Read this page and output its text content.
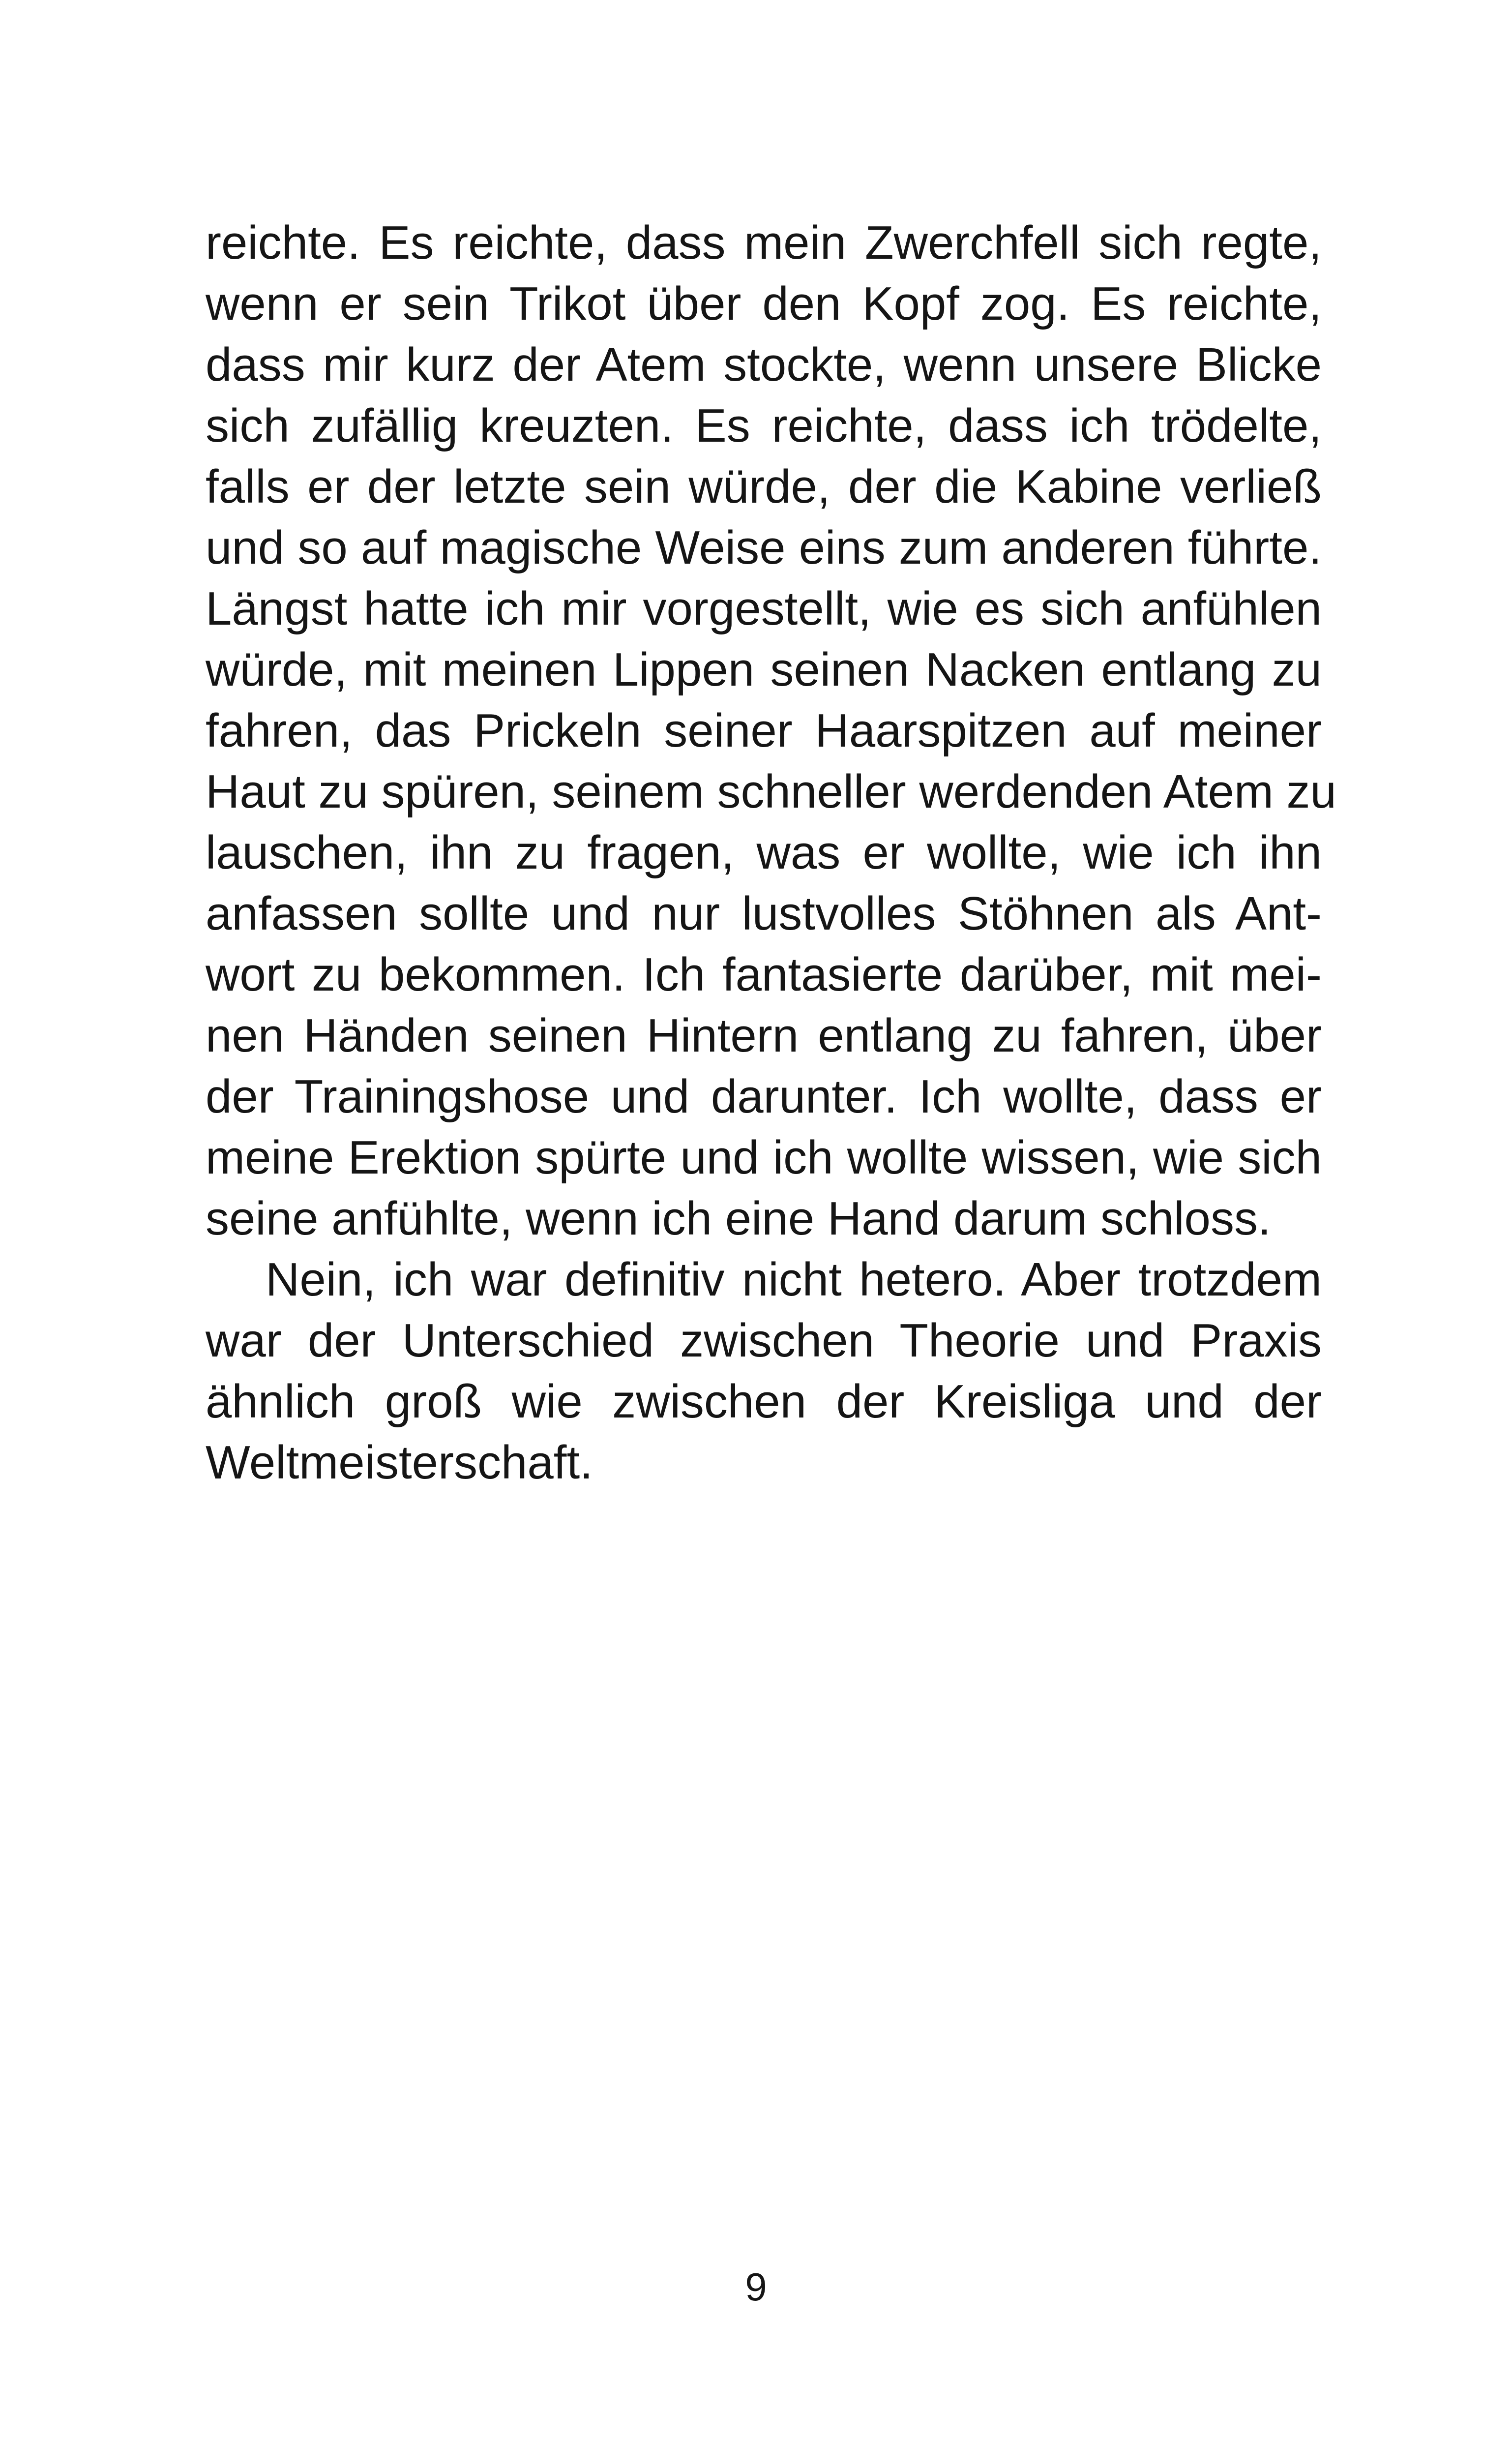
reichte. Es reichte, dass mein Zwerchfell sich regte,
wenn er sein Trikot über den Kopf zog. Es reichte,
dass mir kurz der Atem stockte, wenn unsere Blicke
sich zufällig kreuzten. Es reichte, dass ich trödelte,
falls er der letzte sein würde, der die Kabine verließ
und so auf magische Weise eins zum anderen führte.
Längst hatte ich mir vorgestellt, wie es sich anfühlen
würde, mit meinen Lippen seinen Nacken entlang zu
fahren, das Prickeln seiner Haarspitzen auf meiner
Haut zu spüren, seinem schneller werdenden Atem zu
lauschen, ihn zu fragen, was er wollte, wie ich ihn
anfassen sollte und nur lustvolles Stöhnen als Ant-
wort zu bekommen. Ich fantasierte darüber, mit mei-
nen Händen seinen Hintern entlang zu fahren, über
der Trainingshose und darunter. Ich wollte, dass er
meine Erektion spürte und ich wollte wissen, wie sich
seine anfühlte, wenn ich eine Hand darum schloss.
Nein, ich war definitiv nicht hetero. Aber trotzdem
war der Unterschied zwischen Theorie und Praxis
ähnlich groß wie zwischen der Kreisliga und der
Weltmeisterschaft.
9
